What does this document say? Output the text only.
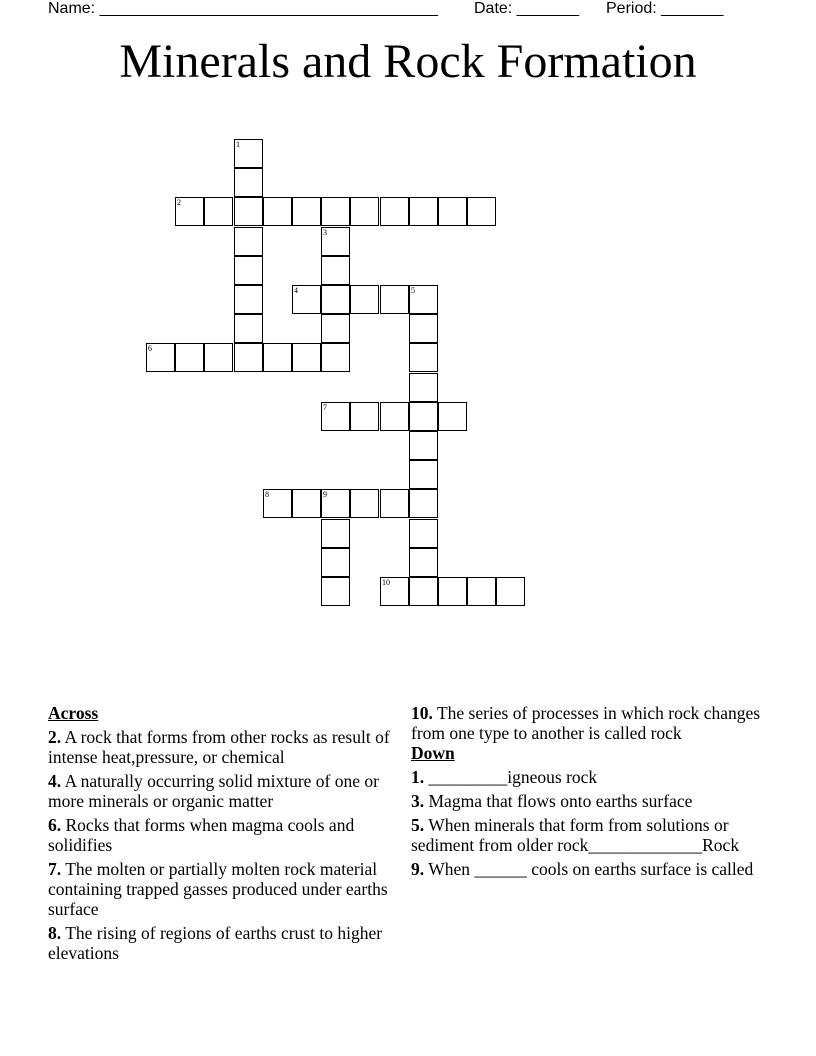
Name: ______________________________________ Date: _______ Period: _______
Minerals and Rock Formation
1
2
3
4	5
6
7
8	9
10
Across
2. A rock that forms from other rocks as result of intense heat,pressure, or chemical
4. A naturally occurring solid mixture of one or more minerals or organic matter
6. Rocks that forms when magma cools and solidifies
7. The molten or partially molten rock material containing trapped gasses produced under earths surface
8. The rising of regions of earths crust to higher elevations
10. The series of processes in which rock changes from one type to another is called rock
Down
1. _________igneous rock
3. Magma that flows onto earths surface
5. When minerals that form from solutions or sediment from older rock_____________Rock
9. When ______ cools on earths surface is called
